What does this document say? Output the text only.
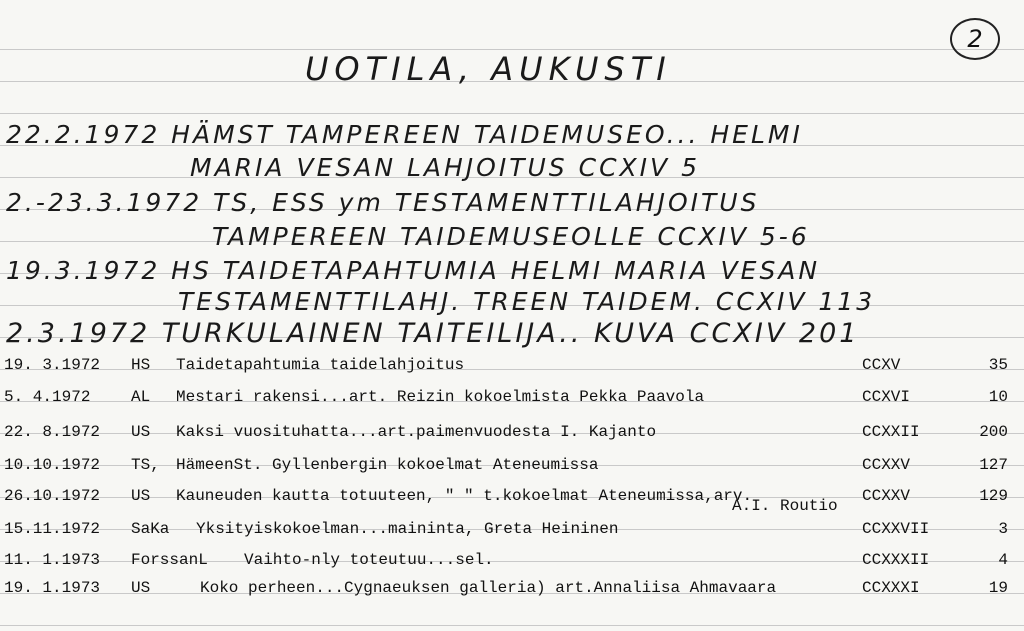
2
UOTILA, AUKUSTI
22.2.1972 HÄMST TAMPEREEN TAIDEMUSEO... HELMI
MARIA VESAN LAHJOITUS CCXIV 5
2.-23.3.1972 TS, ESS ym TESTAMENTTILAHJOITUS
TAMPEREEN TAIDEMUSEOLLE CCXIV 5-6
19.3.1972 HS TAIDETAPAHTUMIA HELMI MARIA VESAN
TESTAMENTTILAHJ. TREEN TAIDEM. CCXIV 113
2.3.1972 TURKULAINEN TAITEILIJA.. KUVA CCXIV 201
19. 3.1972 HS Taidetapahtumia taidelahjoitus	CCXV	35
5. 4.1972	AL Mestari rakensi...art. Reizin kokoelmista Pekka Paavola	CCXVI	10
22. 8.1972 US Kaksi vuosituhatta...art.paimenvuodesta I. Kajanto	CCXXII	200
10.10.1972 TS, HämeenSt. Gyllenbergin kokoelmat Ateneumissa	CCXXV	127
26.10.1972 US Kauneuden kautta totuuteen, " " t.kokoelmat Ateneumissa,arv.	CCXXV	129
A.I. Routio
15.11.1972 SaKa Yksityiskokoelman...maininta, Greta Heininen	CCXXVII	3
11. 1.1973 ForssanL Vaihto-nly toteutuu...sel.	CCXXXII	4
19. 1.1973 US	Koko perheen...Cygnaeuksen galleria) art.Annaliisa Ahmavaara	CCXXXI	19
